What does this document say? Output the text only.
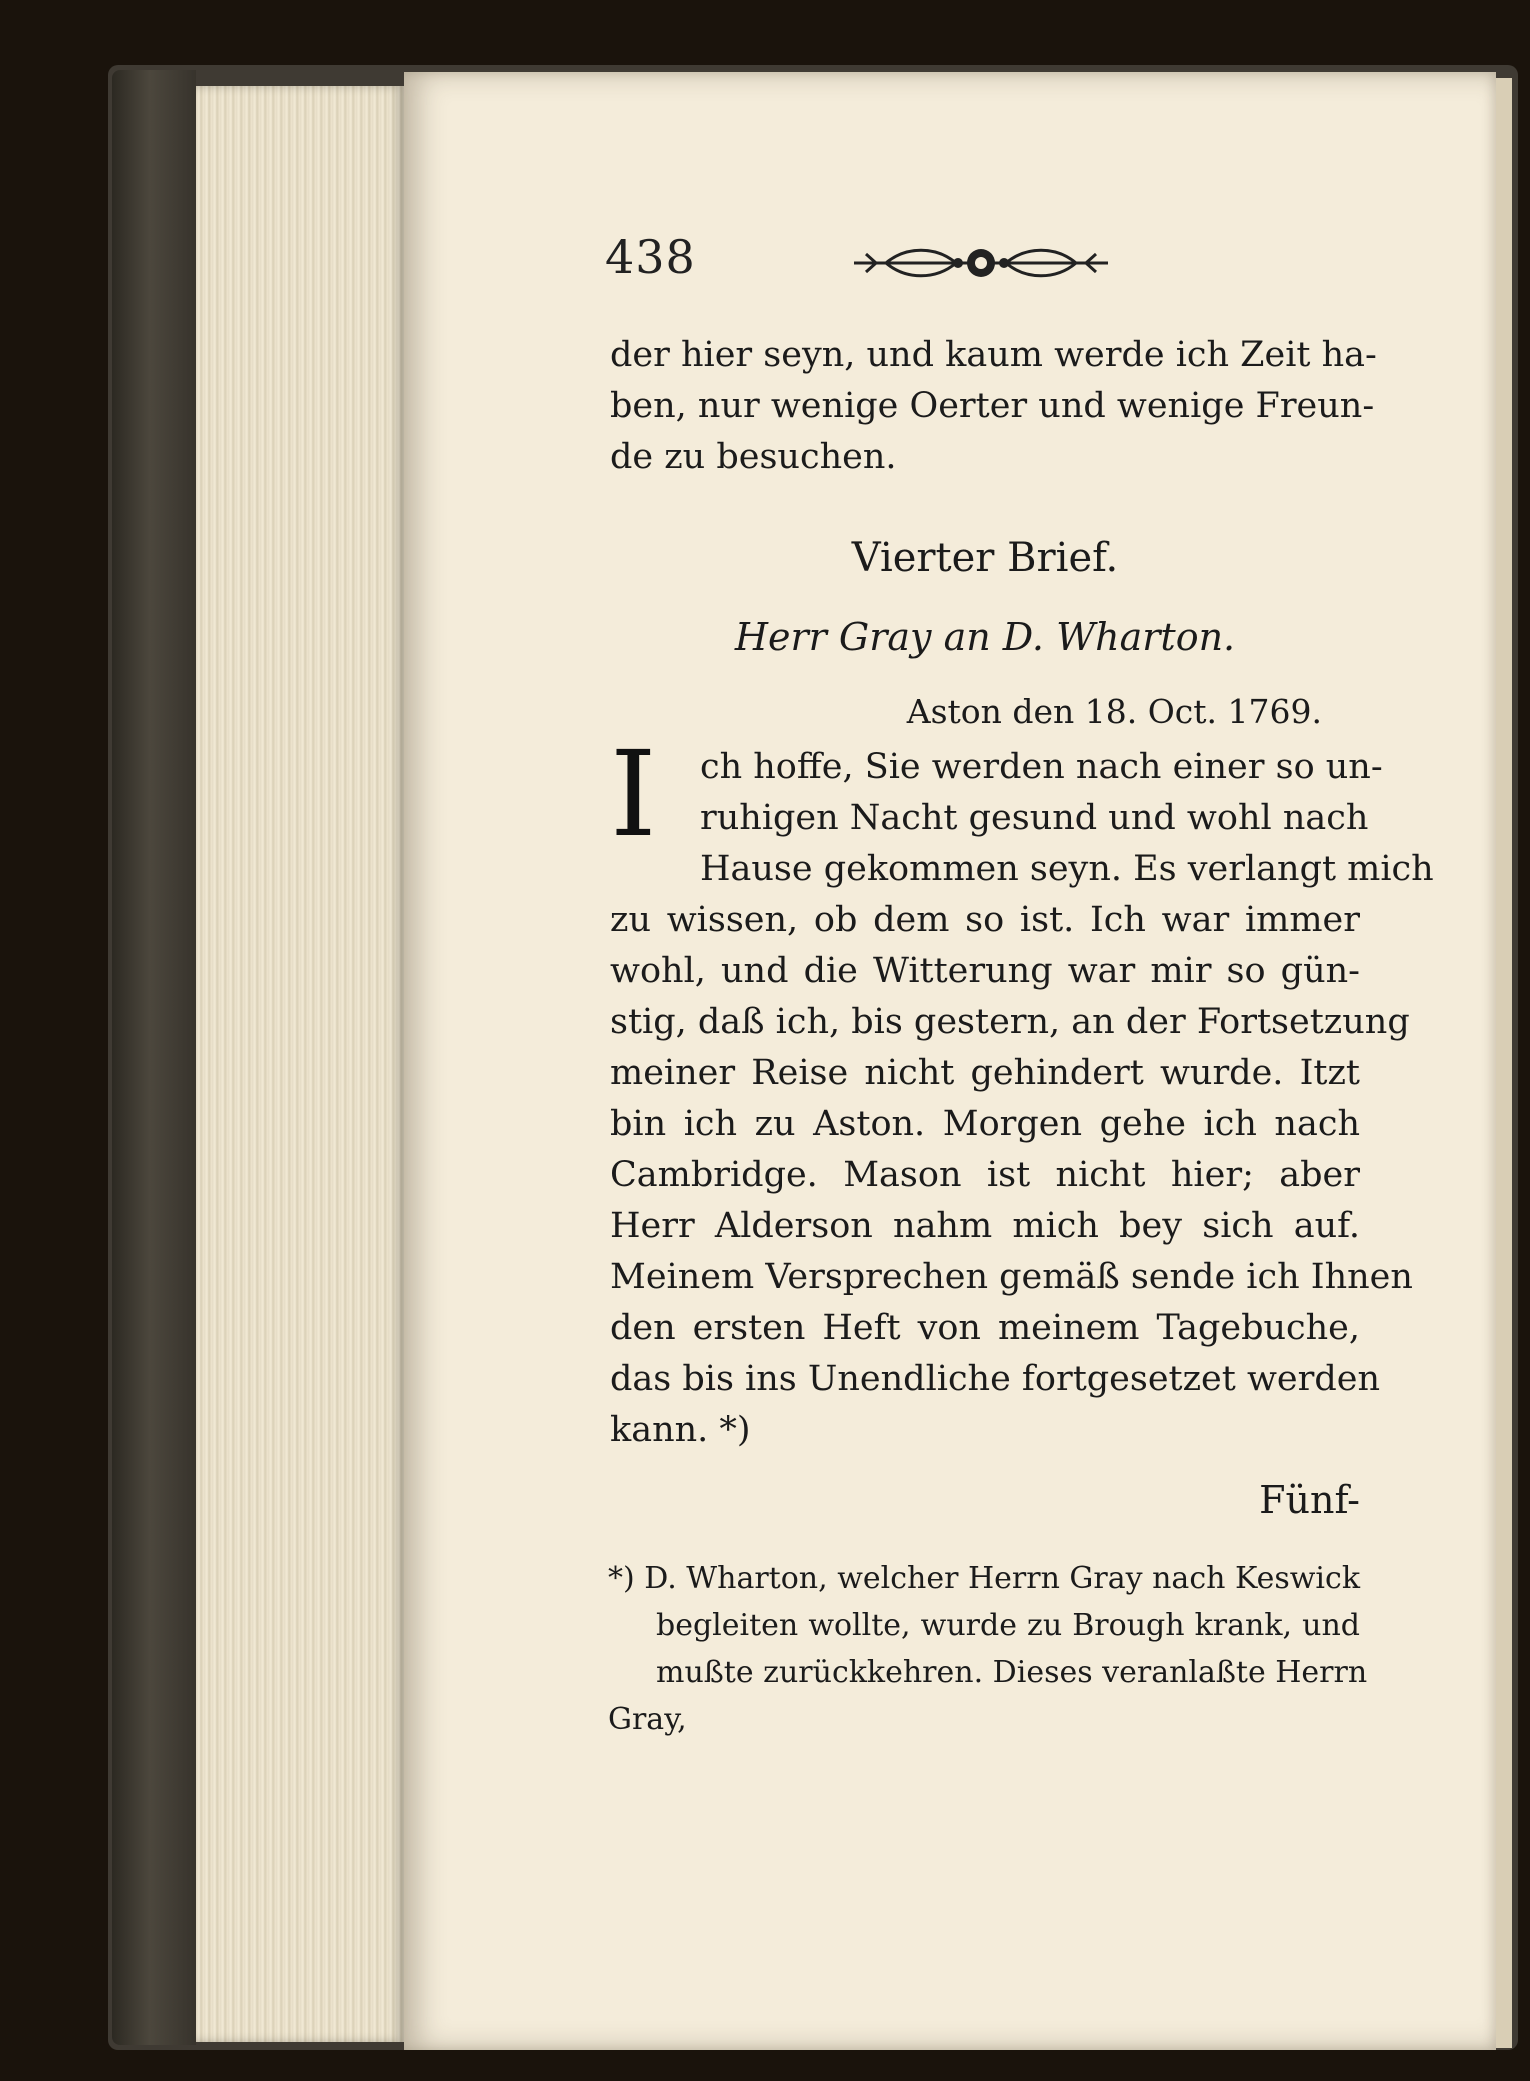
438
der hier seyn, und kaum werde ich Zeit ha-
ben, nur wenige Oerter und wenige Freun-
de zu besuchen.
Vierter Brief.
Herr Gray an D. Wharton.
Aston den 18. Oct. 1769.
I	ch hoffe, Sie werden nach einer so un-
ruhigen Nacht gesund und wohl nach
Hause gekommen seyn. Es verlangt mich
zu wissen, ob dem so ist. Ich war immer
wohl, und die Witterung war mir so gün-
stig, daß ich, bis gestern, an der Fortsetzung
meiner Reise nicht gehindert wurde. Itzt
bin ich zu Aston. Morgen gehe ich nach
Cambridge. Mason ist nicht hier; aber
Herr Alderson nahm mich bey sich auf.
Meinem Versprechen gemäß sende ich Ihnen
den ersten Heft von meinem Tagebuche,
das bis ins Unendliche fortgesetzet werden
kann. *)
Fünf-
*) D. Wharton, welcher Herrn Gray nach Keswick
begleiten wollte, wurde zu Brough krank, und
mußte zurückkehren. Dieses veranlaßte Herrn
Gray,
